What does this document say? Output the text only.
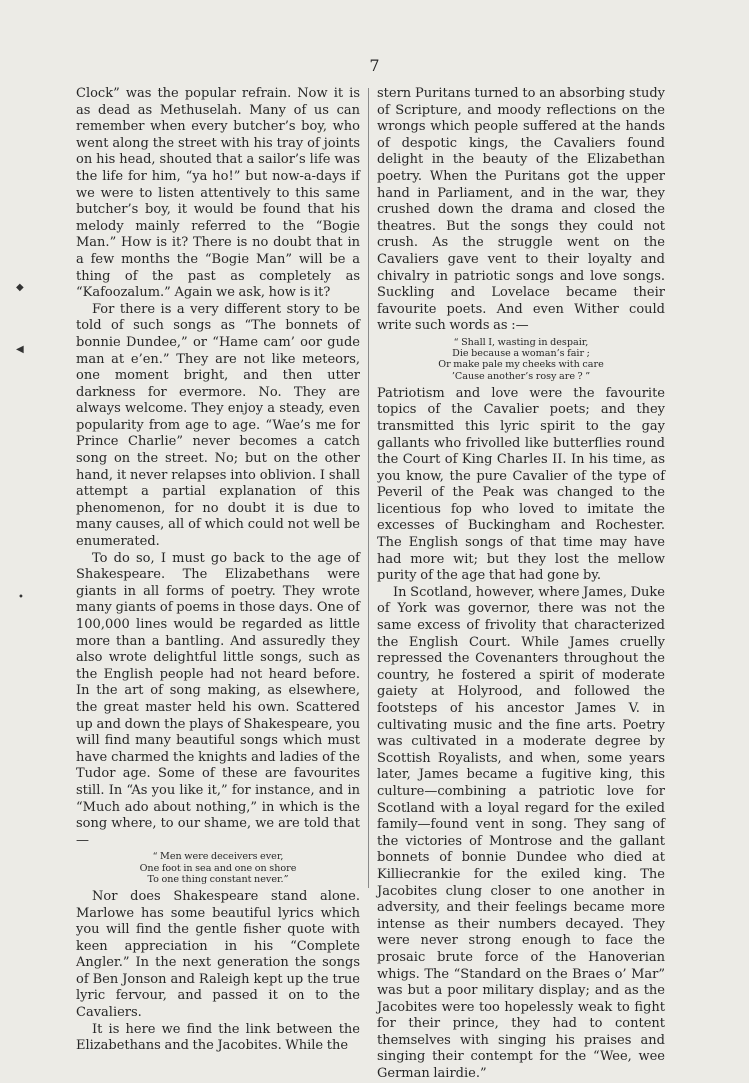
7

Clock” was the popular refrain. Now it is as dead as Methuselah. Many of us can remember when every butcher’s boy, who went along the street with his tray of joints on his head, shouted that a sailor’s life was the life for him, “ya ho!” but now-a-days if we were to listen attentively to this same butcher’s boy, it would be found that his melody mainly referred to the “Bogie Man.” How is it? There is no doubt that in a few months the “Bogie Man” will be a thing of the past as completely as “Kafoozalum.” Again we ask, how is it?

For there is a very different story to be told of such songs as “The bonnets of bonnie Dundee,” or “Hame cam’ oor gude man at e’en.” They are not like meteors, one moment bright, and then utter darkness for evermore. No. They are always welcome. They enjoy a steady, even popularity from age to age. “Wae’s me for Prince Charlie” never becomes a catch song on the street. No; but on the other hand, it never relapses into oblivion. I shall attempt a partial explanation of this phenomenon, for no doubt it is due to many causes, all of which could not well be enumerated.

To do so, I must go back to the age of Shakespeare. The Elizabethans were giants in all forms of poetry. They wrote many giants of poems in those days. One of 100,000 lines would be regarded as little more than a bantling. And assuredly they also wrote delightful little songs, such as the English people had not heard before. In the art of song making, as elsewhere, the great master held his own. Scattered up and down the plays of Shakespeare, you will find many beautiful songs which must have charmed the knights and ladies of the Tudor age. Some of these are favourites still. In “As you like it,” for instance, and in “Much ado about nothing,” in which is the song where, to our shame, we are told that—

“ Men were deceivers ever,
One foot in sea and one on shore
To one thing constant never.”

Nor does Shakespeare stand alone. Marlowe has some beautiful lyrics which you will find the gentle fisher quote with keen appreciation in his “Complete Angler.” In the next generation the songs of Ben Jonson and Raleigh kept up the true lyric fervour, and passed it on to the Cavaliers.

It is here we find the link between the Elizabethans and the Jacobites. While the

stern Puritans turned to an absorbing study of Scripture, and moody reflections on the wrongs which people suffered at the hands of despotic kings, the Cavaliers found delight in the beauty of the Elizabethan poetry. When the Puritans got the upper hand in Parliament, and in the war, they crushed down the drama and closed the theatres. But the songs they could not crush. As the struggle went on the Cavaliers gave vent to their loyalty and chivalry in patriotic songs and love songs. Suckling and Lovelace became their favourite poets. And even Wither could write such words as :—

“ Shall I, wasting in despair,
Die because a woman’s fair ;
Or make pale my cheeks with care
’Cause another’s rosy are ? ”

Patriotism and love were the favourite topics of the Cavalier poets; and they transmitted this lyric spirit to the gay gallants who frivolled like butterflies round the Court of King Charles II. In his time, as you know, the pure Cavalier of the type of Peveril of the Peak was changed to the licentious fop who loved to imitate the excesses of Buckingham and Rochester. The English songs of that time may have had more wit; but they lost the mellow purity of the age that had gone by.

In Scotland, however, where James, Duke of York was governor, there was not the same excess of frivolity that characterized the English Court. While James cruelly repressed the Covenanters throughout the country, he fostered a spirit of moderate gaiety at Holyrood, and followed the footsteps of his ancestor James V. in cultivating music and the fine arts. Poetry was cultivated in a moderate degree by Scottish Royalists, and when, some years later, James became a fugitive king, this culture—combining a patriotic love for Scotland with a loyal regard for the exiled family—found vent in song. They sang of the victories of Montrose and the gallant bonnets of bonnie Dundee who died at Killiecrankie for the exiled king. The Jacobites clung closer to one another in adversity, and their feelings became more intense as their numbers decayed. They were never strong enough to face the prosaic brute force of the Hanoverian whigs. The “Standard on the Braes o’ Mar” was but a poor military display; and as the Jacobites were too hopelessly weak to fight for their prince, they had to content themselves with singing his praises and singing their contempt for the “Wee, wee German lairdie.”

◆
◀
•
